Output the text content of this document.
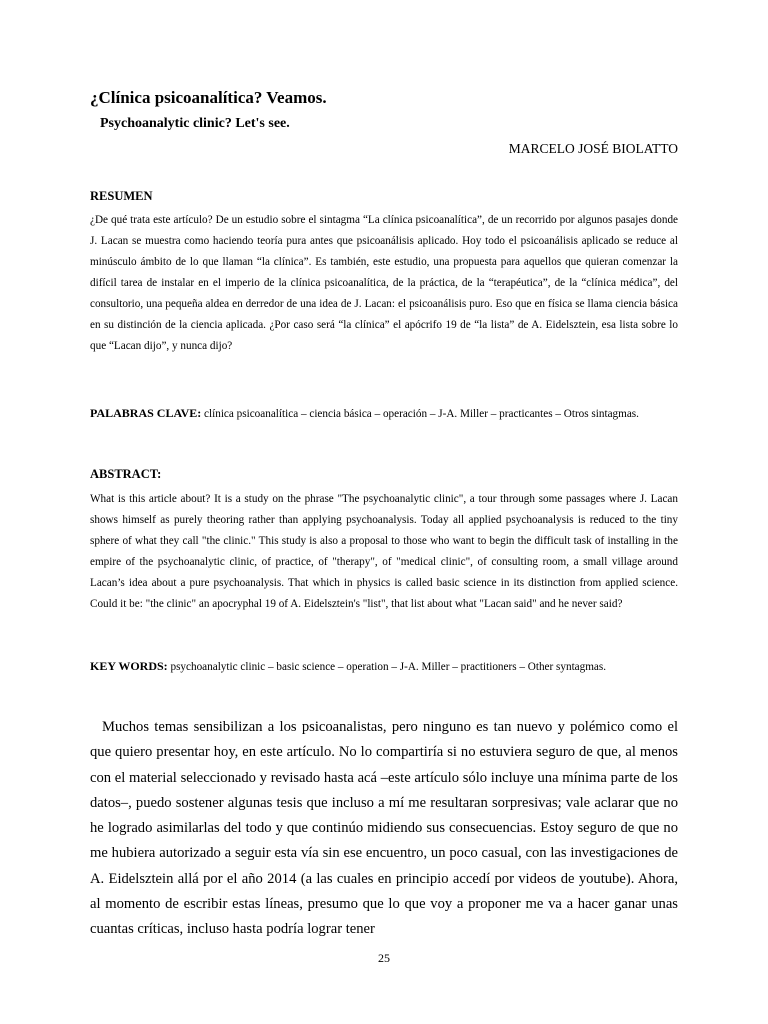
¿Clínica psicoanalítica? Veamos.
Psychoanalytic clinic? Let's see.
MARCELO JOSÉ BIOLATTO
RESUMEN

¿De qué trata este artículo? De un estudio sobre el sintagma “La clínica psicoanalítica”, de un recorrido por algunos pasajes donde J. Lacan se muestra como haciendo teoría pura antes que psicoanálisis aplicado. Hoy todo el psicoanálisis aplicado se reduce al minúsculo ámbito de lo que llaman “la clínica”. Es también, este estudio, una propuesta para aquellos que quieran comenzar la difícil tarea de instalar en el imperio de la clínica psicoanalítica, de la práctica, de la “terapéutica”, de la “clínica médica”, del consultorio, una pequeña aldea en derredor de una idea de J. Lacan: el psicoanálisis puro. Eso que en física se llama ciencia básica en su distinción de la ciencia aplicada. ¿Por caso será “la clínica” el apócrifo 19 de “la lista” de A. Eidelsztein, esa lista sobre lo que “Lacan dijo”, y nunca dijo?

PALABRAS CLAVE: clínica psicoanalítica – ciencia básica – operación – J-A. Miller – practicantes – Otros sintagmas.

ABSTRACT:

What is this article about? It is a study on the phrase "The psychoanalytic clinic", a tour through some passages where J. Lacan shows himself as purely theoring rather than applying psychoanalysis. Today all applied psychoanalysis is reduced to the tiny sphere of what they call "the clinic." This study is also a proposal to those who want to begin the difficult task of installing in the empire of the psychoanalytic clinic, of practice, of "therapy", of "medical clinic", of consulting room, a small village around Lacan’s idea about a pure psychoanalysis. That which in physics is called basic science in its distinction from applied science. Could it be: "the clinic" an apocryphal 19 of A. Eidelsztein's "list", that list about what "Lacan said" and he never said?

KEY WORDS: psychoanalytic clinic – basic science – operation – J-A. Miller – practitioners – Other syntagmas.

Muchos temas sensibilizan a los psicoanalistas, pero ninguno es tan nuevo y polémico como el que quiero presentar hoy, en este artículo. No lo compartiría si no estuviera seguro de que, al menos con el material seleccionado y revisado hasta acá –este artículo sólo incluye una mínima parte de los datos–, puedo sostener algunas tesis que incluso a mí me resultaran sorpresivas; vale aclarar que no he logrado asimilarlas del todo y que continúo midiendo sus consecuencias. Estoy seguro de que no me hubiera autorizado a seguir esta vía sin ese encuentro, un poco casual, con las investigaciones de A. Eidelsztein allá por el año 2014 (a las cuales en principio accedí por videos de youtube). Ahora, al momento de escribir estas líneas, presumo que lo que voy a proponer me va a hacer ganar unas cuantas críticas, incluso hasta podría lograr tener

25
